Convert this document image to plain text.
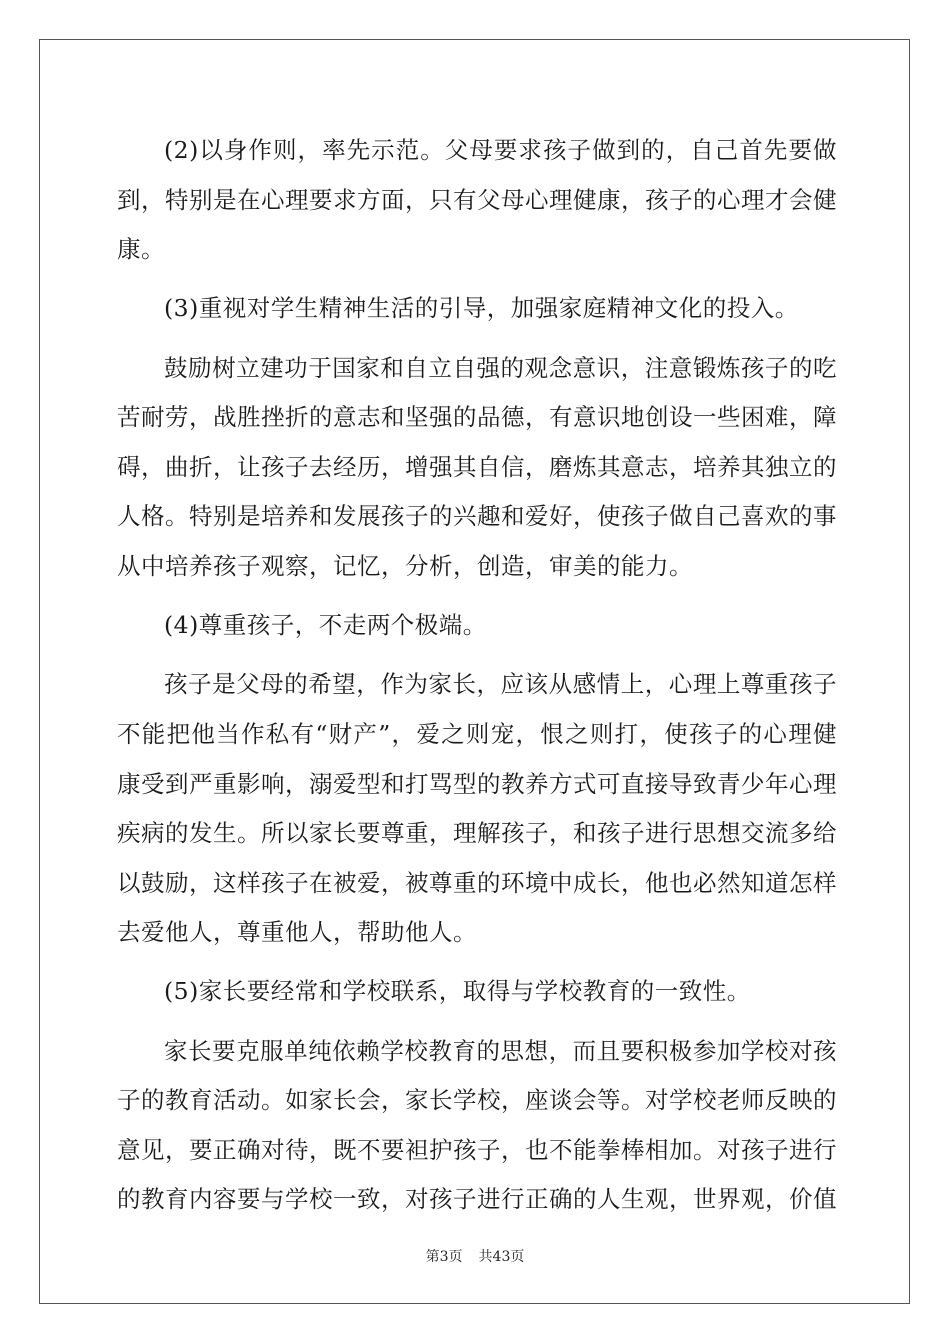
(2)以身作则，率先示范。父母要求孩子做到的，自己首先要做到，特别是在心理要求方面，只有父母心理健康，孩子的心理才会健康。

(3)重视对学生精神生活的引导，加强家庭精神文化的投入。

鼓励树立建功于国家和自立自强的观念意识，注意锻炼孩子的吃苦耐劳，战胜挫折的意志和坚强的品德，有意识地创设一些困难，障碍，曲折，让孩子去经历，增强其自信，磨炼其意志，培养其独立的人格。特别是培养和发展孩子的兴趣和爱好，使孩子做自己喜欢的事从中培养孩子观察，记忆，分析，创造，审美的能力。

(4)尊重孩子，不走两个极端。

孩子是父母的希望，作为家长，应该从感情上，心理上尊重孩子不能把他当作私有“财产”，爱之则宠，恨之则打，使孩子的心理健康受到严重影响，溺爱型和打骂型的教养方式可直接导致青少年心理疾病的发生。所以家长要尊重，理解孩子，和孩子进行思想交流多给以鼓励，这样孩子在被爱，被尊重的环境中成长，他也必然知道怎样去爱他人，尊重他人，帮助他人。

(5)家长要经常和学校联系，取得与学校教育的一致性。

家长要克服单纯依赖学校教育的思想，而且要积极参加学校对孩子的教育活动。如家长会，家长学校，座谈会等。对学校老师反映的意见，要正确对待，既不要袒护孩子，也不能拳棒相加。对孩子进行的教育内容要与学校一致，对孩子进行正确的人生观，世界观，价值

第3页 共43页
